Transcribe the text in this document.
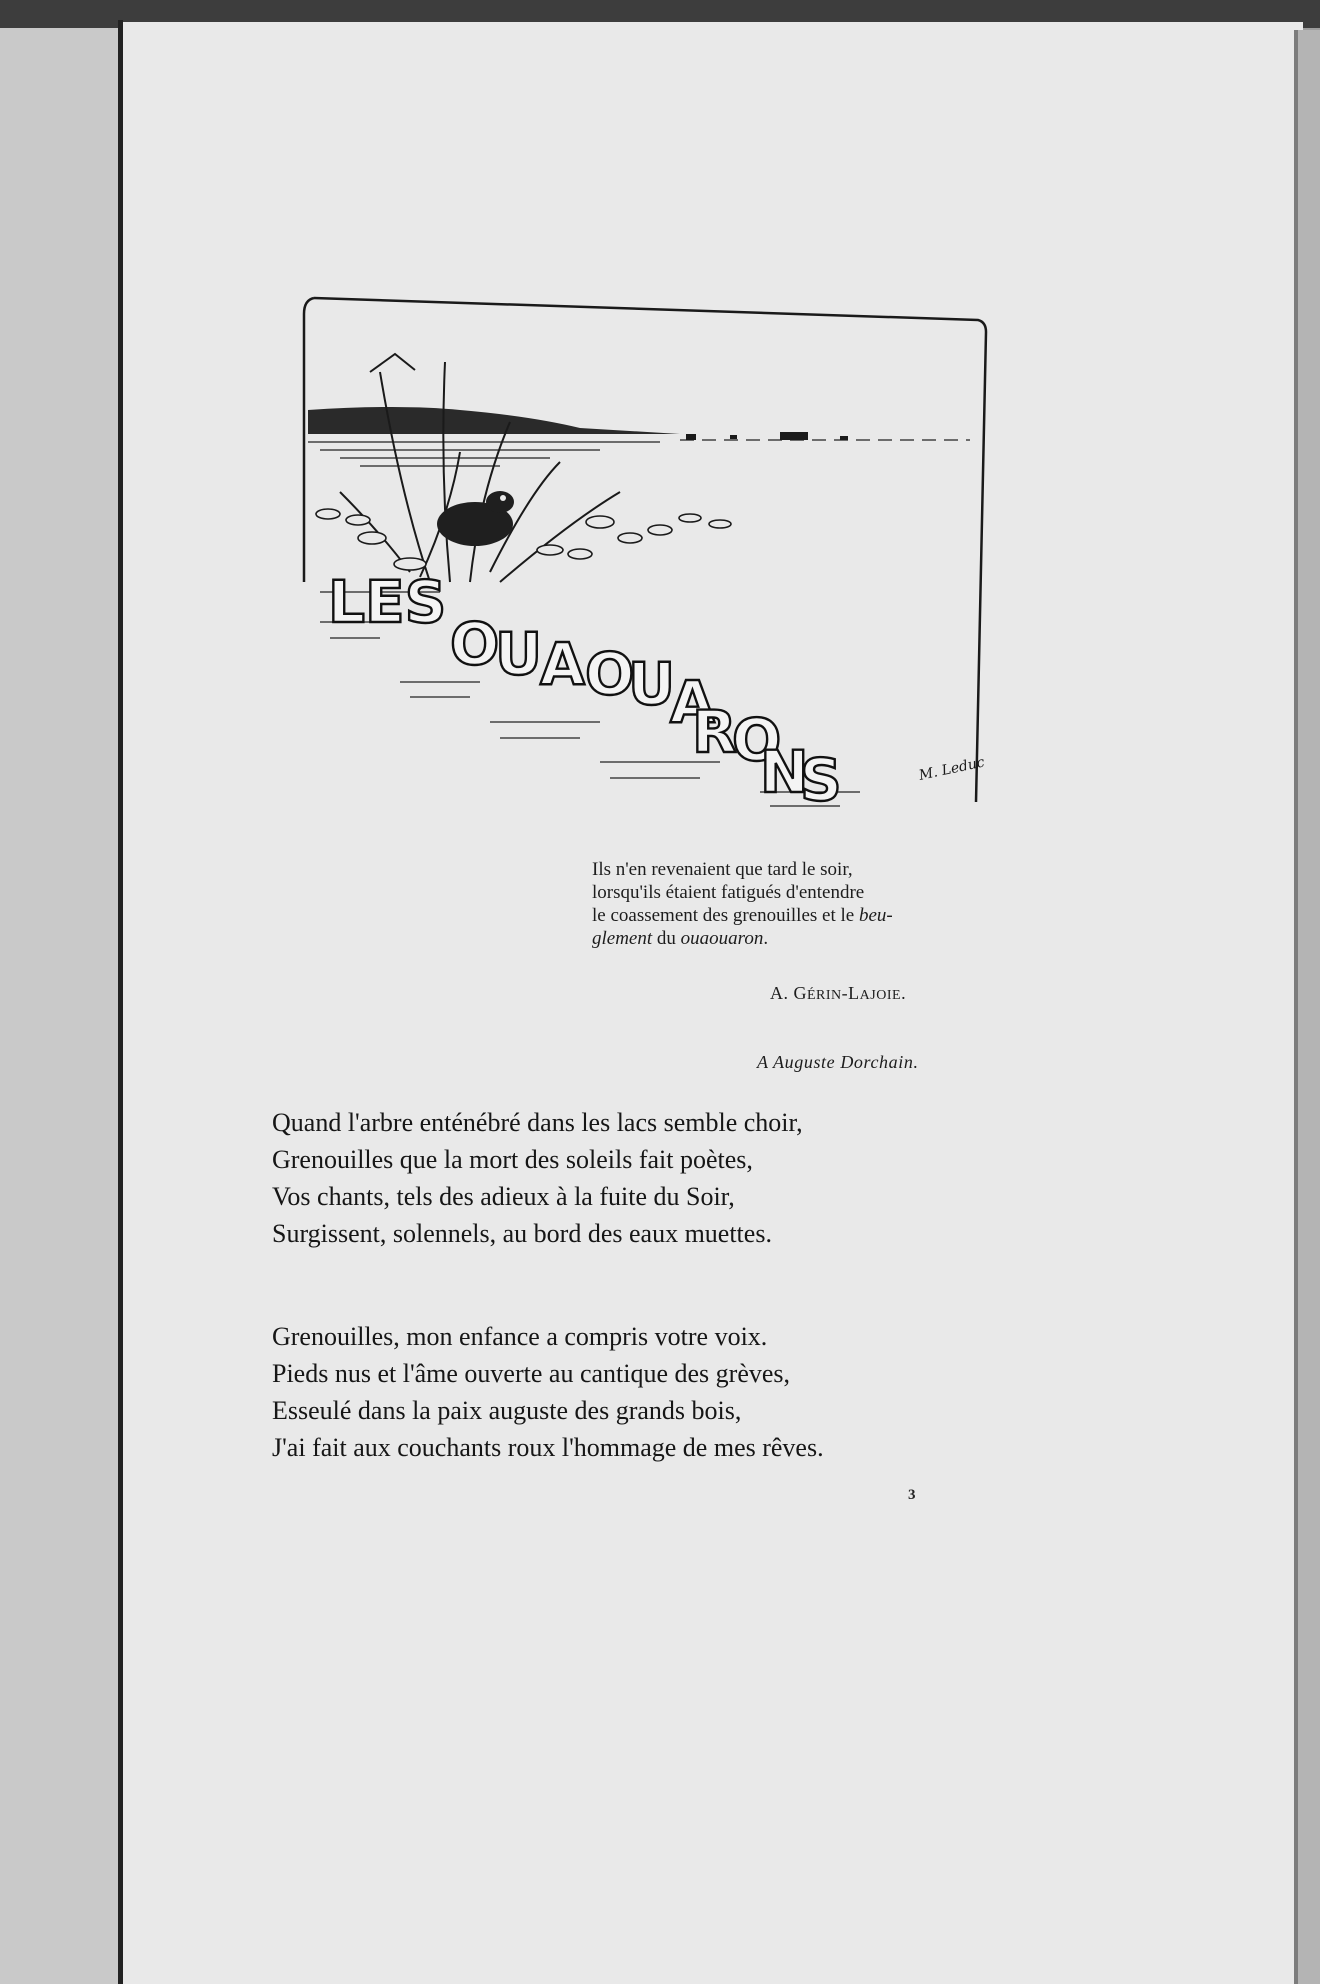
LES
O
U
A O
U
A
R
O
N
S	M. Leduc
Ils n'en revenaient que tard le soir,
lorsqu'ils étaient fatigués d'entendre
le coassement des grenouilles et le beu-
glement du ouaouaron.
A. GÉRIN-LAJOIE.
A Auguste Dorchain.
Quand l'arbre enténébré dans les lacs semble choir,
Grenouilles que la mort des soleils fait poètes,
Vos chants, tels des adieux à la fuite du Soir,
Surgissent, solennels, au bord des eaux muettes.
Grenouilles, mon enfance a compris votre voix.
Pieds nus et l'âme ouverte au cantique des grèves,
Esseulé dans la paix auguste des grands bois,
J'ai fait aux couchants roux l'hommage de mes rêves.
3
